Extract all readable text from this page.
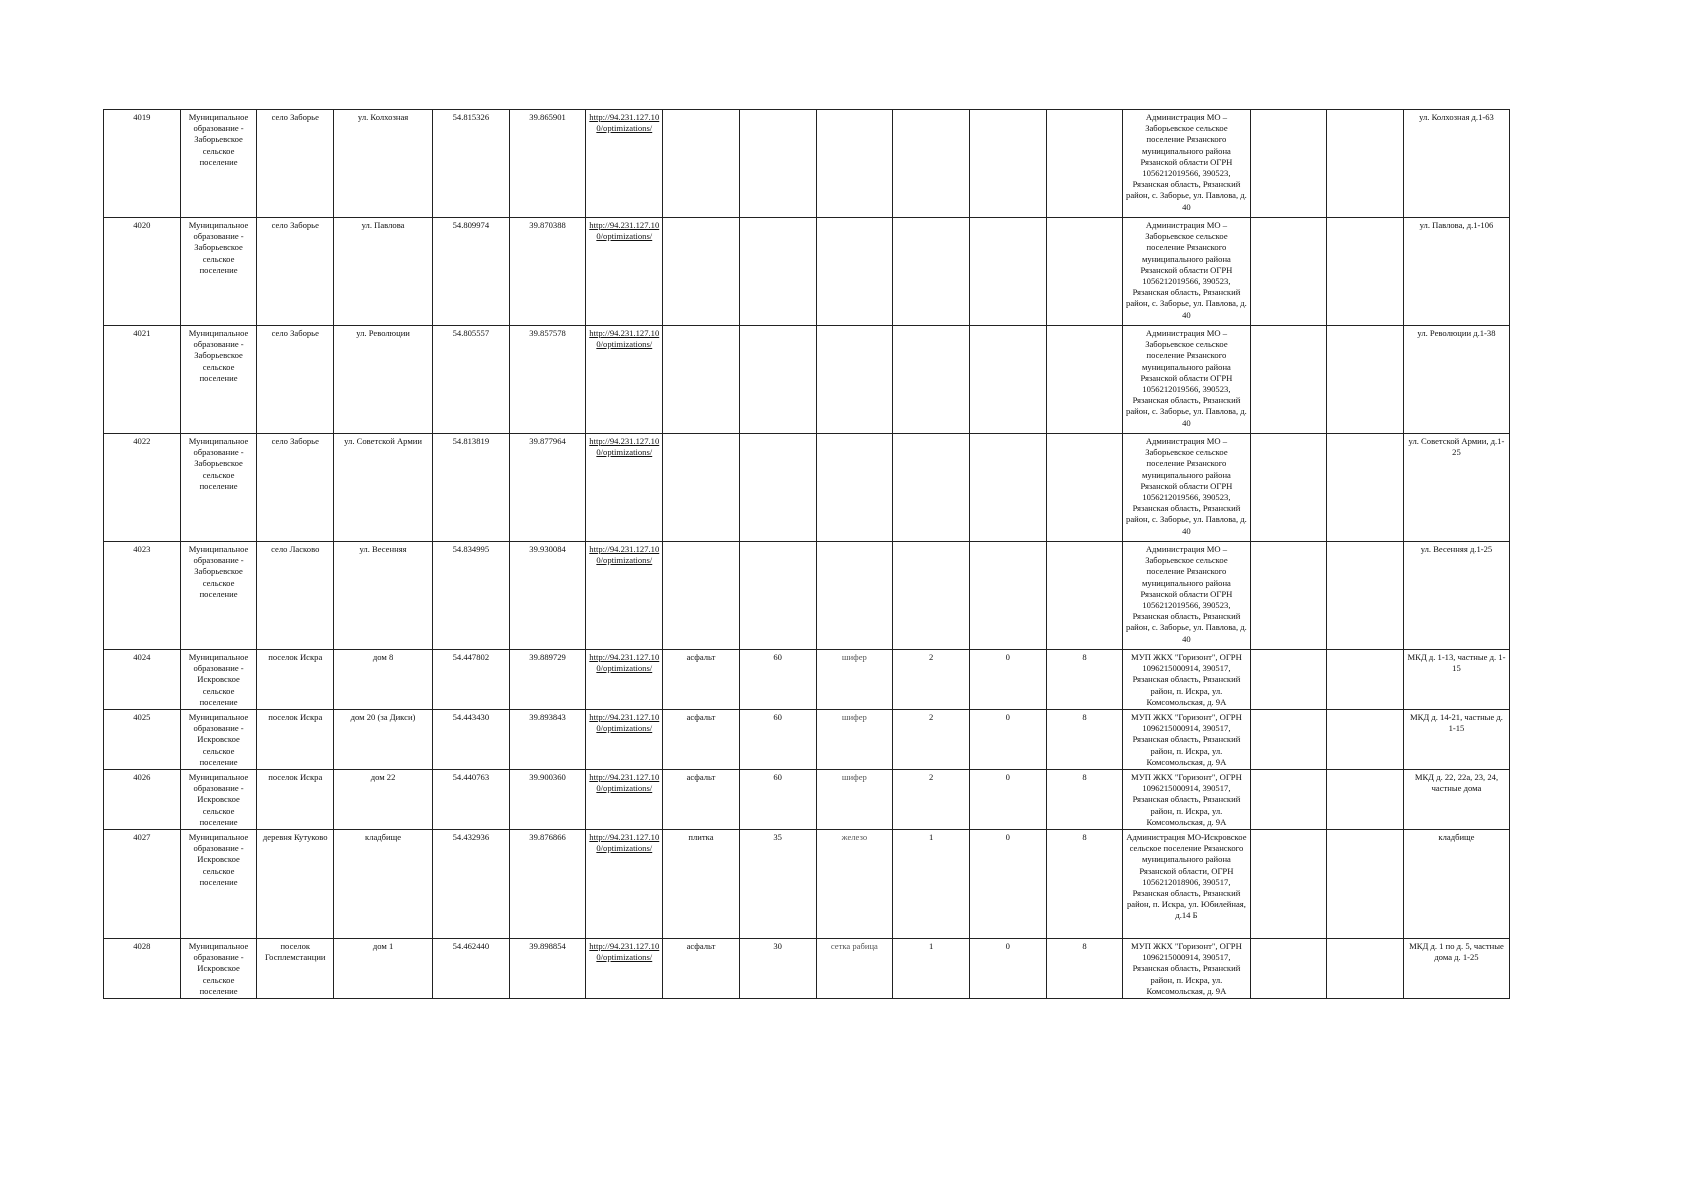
4019	Муниципальное образование - Заборьевское сельское поселение	село Заборье	ул. Колхозная	54.815326	39.865901	http://94.231.127.100/optimizations/							Администрация МО – Заборьевское сельское поселение Рязанского муниципального района Рязанской области ОГРН 1056212019566, 390523, Рязанская область, Рязанский район, с. Заборье, ул. Павлова, д. 40			ул. Колхозная д.1-63
4020	Муниципальное образование - Заборьевское сельское поселение	село Заборье	ул. Павлова	54.809974	39.870388	http://94.231.127.100/optimizations/							Администрация МО – Заборьевское сельское поселение Рязанского муниципального района Рязанской области ОГРН 1056212019566, 390523, Рязанская область, Рязанский район, с. Заборье, ул. Павлова, д. 40			ул. Павлова, д.1-106
4021	Муниципальное образование - Заборьевское сельское поселение	село Заборье	ул. Революции	54.805557	39.857578	http://94.231.127.100/optimizations/							Администрация МО – Заборьевское сельское поселение Рязанского муниципального района Рязанской области ОГРН 1056212019566, 390523, Рязанская область, Рязанский район, с. Заборье, ул. Павлова, д. 40			ул. Революции д.1-38
4022	Муниципальное образование - Заборьевское сельское поселение	село Заборье	ул. Советской Армии	54.813819	39.877964	http://94.231.127.100/optimizations/							Администрация МО – Заборьевское сельское поселение Рязанского муниципального района Рязанской области ОГРН 1056212019566, 390523, Рязанская область, Рязанский район, с. Заборье, ул. Павлова, д. 40			ул. Советской Армии, д.1-25
4023	Муниципальное образование - Заборьевское сельское поселение	село Ласково	ул. Весенняя	54.834995	39.930084	http://94.231.127.100/optimizations/							Администрация МО – Заборьевское сельское поселение Рязанского муниципального района Рязанской области ОГРН 1056212019566, 390523, Рязанская область, Рязанский район, с. Заборье, ул. Павлова, д. 40			ул. Весенняя д.1-25
4024	Муниципальное образование - Искровское сельское поселение	поселок Искра	дом 8	54.447802	39.889729	http://94.231.127.100/optimizations/	асфальт	60	шифер	2	0	8	МУП ЖКХ "Горизонт", ОГРН 1096215000914, 390517, Рязанская область, Рязанский район, п. Искра, ул. Комсомольская, д. 9А			МКД д. 1-13, частные д. 1-15
4025	Муниципальное образование - Искровское сельское поселение	поселок Искра	дом 20 (за Дикси)	54.443430	39.893843	http://94.231.127.100/optimizations/	асфальт	60	шифер	2	0	8	МУП ЖКХ "Горизонт", ОГРН 1096215000914, 390517, Рязанская область, Рязанский район, п. Искра, ул. Комсомольская, д. 9А			МКД д. 14-21, частные д. 1-15
4026	Муниципальное образование - Искровское сельское поселение	поселок Искра	дом 22	54.440763	39.900360	http://94.231.127.100/optimizations/	асфальт	60	шифер	2	0	8	МУП ЖКХ "Горизонт", ОГРН 1096215000914, 390517, Рязанская область, Рязанский район, п. Искра, ул. Комсомольская, д. 9А			МКД д. 22, 22а, 23, 24, частные дома
4027	Муниципальное образование - Искровское сельское поселение	деревня Кутуково	кладбище	54.432936	39.876866	http://94.231.127.100/optimizations/	плитка	35	железо	1	0	8	Администрация МО-Искровское сельское поселение Рязанского муниципального района Рязанской области, ОГРН 1056212018906, 390517, Рязанская область, Рязанский район, п. Искра, ул. Юбилейная, д.14 Б			кладбище
4028	Муниципальное образование - Искровское сельское поселение	поселок Госплемстанции	дом 1	54.462440	39.898854	http://94.231.127.100/optimizations/	асфальт	30	сетка рабица	1	0	8	МУП ЖКХ "Горизонт", ОГРН 1096215000914, 390517, Рязанская область, Рязанский район, п. Искра, ул. Комсомольская, д. 9А			МКД д. 1 по д. 5, частные дома д. 1-25
